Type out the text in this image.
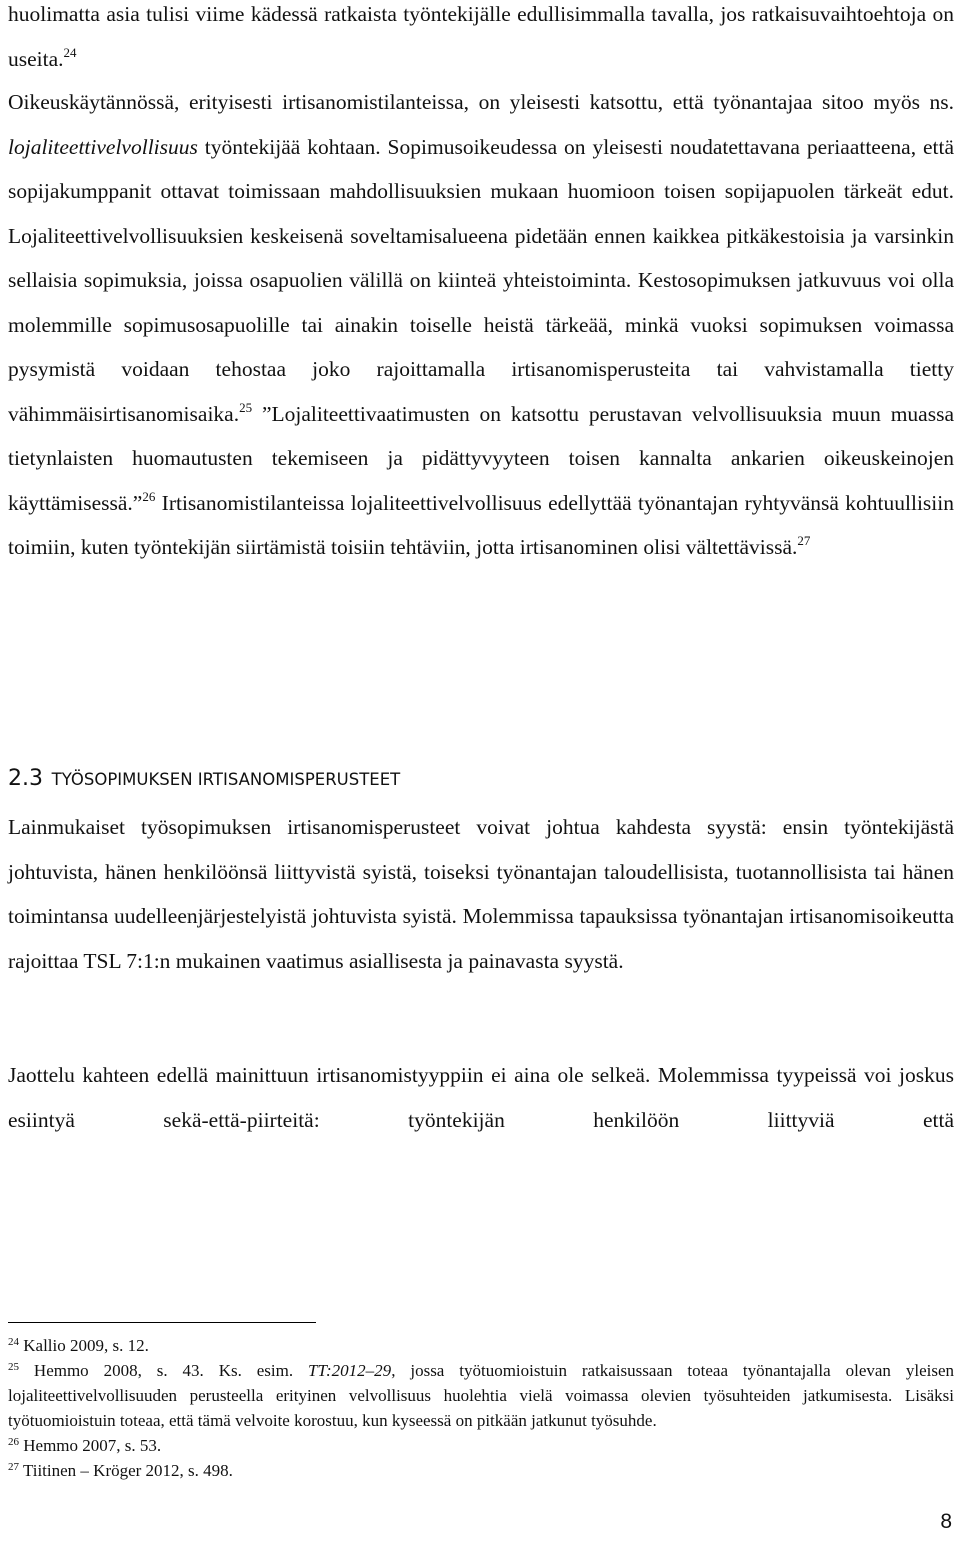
huolimatta asia tulisi viime kädessä ratkaista työntekijälle edullisimmalla tavalla, jos ratkaisuvaihtoehtoja on useita.$^{24}$

Oikeuskäytännössä, erityisesti irtisanomistilanteissa, on yleisesti katsottu, että työnantajaa sitoo myös ns. lojaliteettivelvollisuus työntekijää kohtaan. Sopimusoikeudessa on yleisesti noudatettavana periaatteena, että sopijakumppanit ottavat toimissaan mahdollisuuksien mukaan huomioon toisen sopijapuolen tärkeät edut. Lojaliteettivelvollisuuksien keskeisenä soveltamisalueena pidetään ennen kaikkea pitkäkestoisia ja varsinkin sellaisia sopimuksia, joissa osapuolien välillä on kiinteä yhteistoiminta. Kestosopimuksen jatkuvuus voi olla molemmille sopimusosapuolille tai ainakin toiselle heistä tärkeää, minkä vuoksi sopimuksen voimassa pysymistä voidaan tehostaa joko rajoittamalla irtisanomisperusteita tai vahvistamalla tietty vähimmäisirtisanomisaika.$^{25}$ ”Lojaliteettivaatimusten on katsottu perustavan velvollisuuksia muun muassa tietynlaisten huomautusten tekemiseen ja pidättyvyyteen toisen kannalta ankarien oikeuskeinojen käyttämisessä.”$^{26}$ Irtisanomistilanteissa lojaliteettivelvollisuus edellyttää työnantajan ryhtyvänsä kohtuullisiin toimiin, kuten työntekijän siirtämistä toisiin tehtäviin, jotta irtisanominen olisi vältettävissä.$^{27}$

2.3 TYÖSOPIMUKSEN IRTISANOMISPERUSTEET

Lainmukaiset työsopimuksen irtisanomisperusteet voivat johtua kahdesta syystä: ensin työntekijästä johtuvista, hänen henkilöönsä liittyvistä syistä, toiseksi työnantajan taloudellisista, tuotannollisista tai hänen toimintansa uudelleenjärjestelyistä johtuvista syistä. Molemmissa tapauksissa työnantajan irtisanomisoikeutta rajoittaa TSL 7:1:n mukainen vaatimus asiallisesta ja painavasta syystä.

Jaottelu kahteen edellä mainittuun irtisanomistyyppiin ei aina ole selkeä. Molemmissa tyypeissä voi joskus esiintyä sekä-että-piirteitä: työntekijän henkilöön liittyviä että

$^{24}$ Kallio 2009, s. 12.

$^{25}$ Hemmo 2008, s. 43. Ks. esim. TT:2012–29, jossa työtuomioistuin ratkaisussaan toteaa työnantajalla olevan yleisen lojaliteettivelvollisuuden perusteella erityinen velvollisuus huolehtia vielä voimassa olevien työsuhteiden jatkumisesta. Lisäksi työtuomioistuin toteaa, että tämä velvoite korostuu, kun kyseessä on pitkään jatkunut työsuhde.

$^{26}$ Hemmo 2007, s. 53.

$^{27}$ Tiitinen – Kröger 2012, s. 498.

8
